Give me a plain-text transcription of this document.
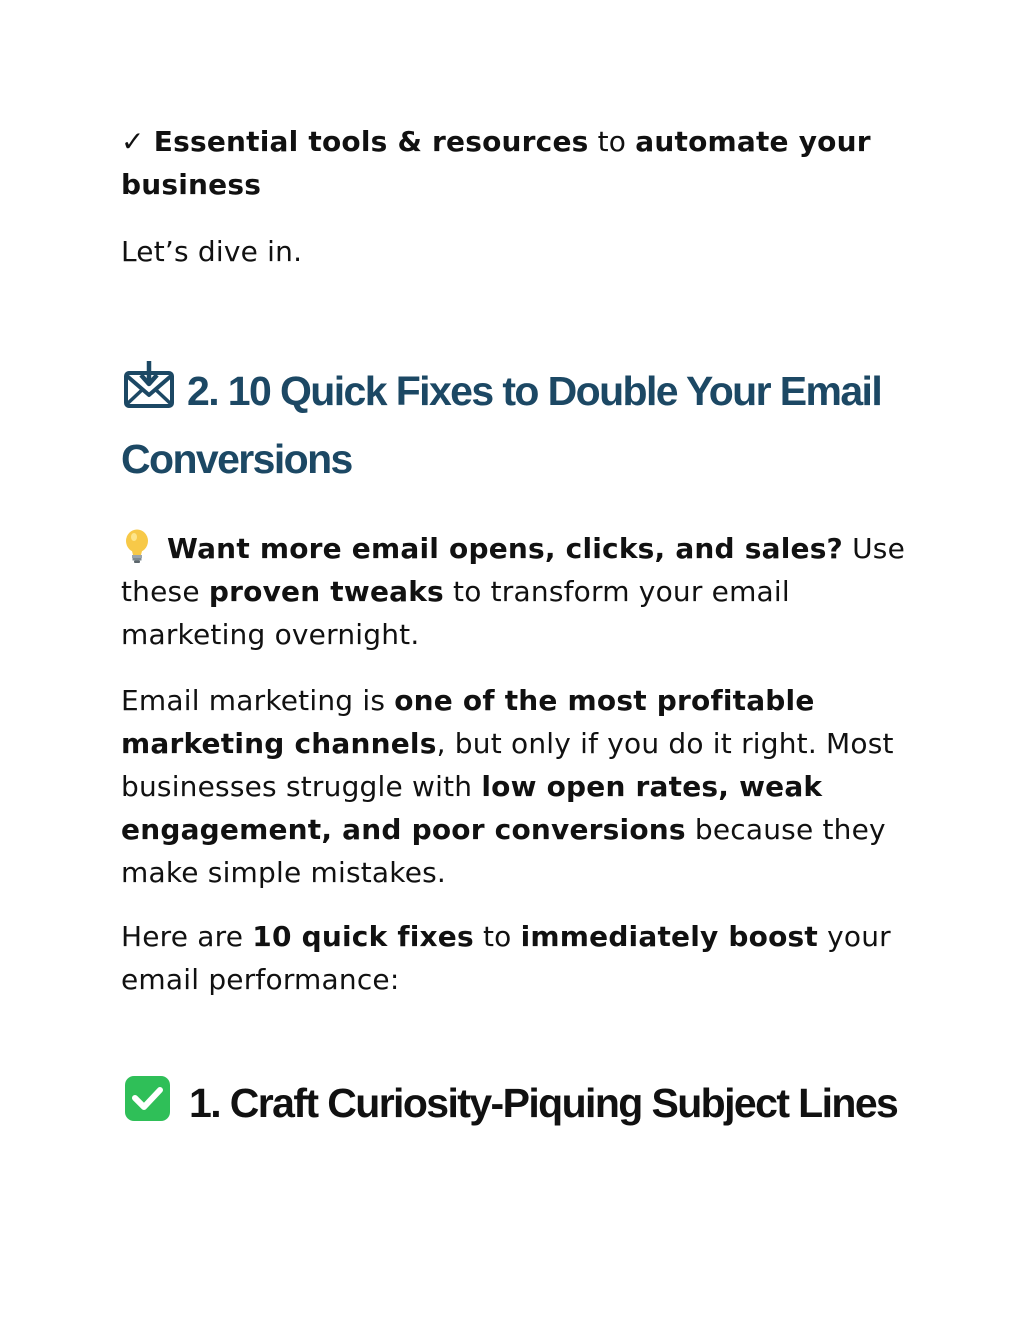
✓ Essential tools & resources to automate your business
Let’s dive in.
2. 10 Quick Fixes to Double Your Email Conversions
Want more email opens, clicks, and sales? Use these proven tweaks to transform your email marketing overnight.
Email marketing is one of the most profitable marketing channels, but only if you do it right. Most businesses struggle with low open rates, weak engagement, and poor conversions because they make simple mistakes.
Here are 10 quick fixes to immediately boost your email performance:
1. Craft Curiosity-Piquing Subject Lines
